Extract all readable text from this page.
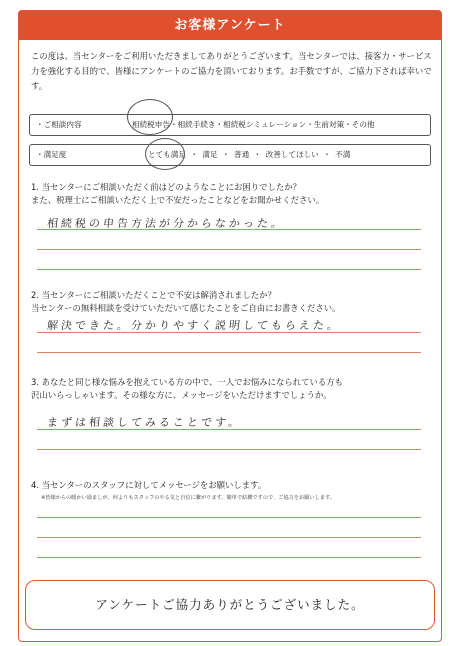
お客様アンケート
この度は、当センターをご利用いただきましてありがとうございます。当センターでは、接客力・サービス力を強化する目的で、皆様にアンケートのご協力を頂いております。お手数ですが、ご協力下されば幸いです。
・ご相談内容	相続税申告・相続手続き・相続税シミュレーション・生前対策・その他
・満足度	とても満足 ・ 満足 ・ 普通 ・ 改善してほしい ・ 不満
1. 当センターにご相談いただく前はどのようなことにお困りでしたか？
また、税理士にご相談いただく上で不安だったことなどをお聞かせください。
相続税の申告方法が分からなかった。
2. 当センターにご相談いただくことで不安は解消されましたか？
当センターの無料相談を受けていただいて感じたことをご自由にお書きください。
解決できた。分かりやすく説明してもらえた。
3. あなたと同じ様な悩みを抱えている方の中で、一人でお悩みになられている方も
沢山いらっしゃいます。その様な方に、メッセージをいただけますでしょうか。
まずは相談してみることです。
4. 当センターのスタッフに対してメッセージをお願いします。
※皆様からの暖かい励ましが、何よりもスタッフのやる気と自信に繋がります。簡単で結構ですので、ご協力をお願いします。
アンケートご協力ありがとうございました。
